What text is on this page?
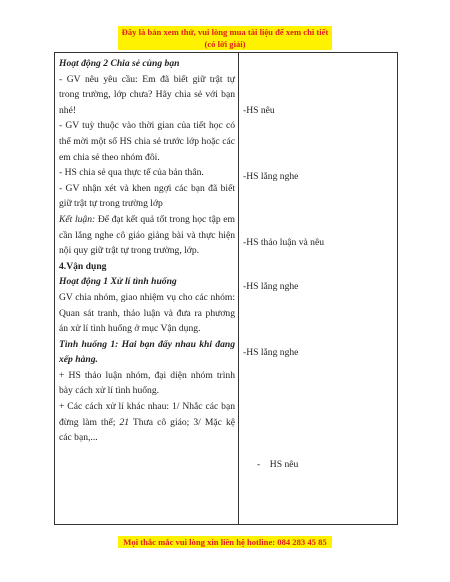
Đây là bản xem thử, vui lòng mua tài liệu để xem chi tiết (có lời giải)

Hoạt động 2 Chia sẻ cùng bạn

- GV nêu yêu cầu: Em đã biết giữ trật tự trong trường, lớp chưa? Hãy chia sẻ với bạn nhé!

- GV tuỳ thuộc vào thời gian của tiết học có thể mời một số HS chia sẻ trước lớp hoặc các em chia sẻ theo nhóm đôi.

- HS chia sẻ qua thực tế của bản thân.

- GV nhận xét và khen ngợi các bạn đã biết giữ trật tự trong trường lớp

Kết luận: Để đạt kết quả tốt trong học tập em cần lắng nghe cô giáo giảng bài và thực hiện nội quy giữ trật tự trong trường, lớp.

4.Vận dụng

Hoạt động 1 Xử lí tình huống

GV chia nhóm, giao nhiệm vụ cho các nhóm: Quan sát tranh, thảo luận và đưa ra phương án xử lí tình huống ở mục Vận dụng.

Tình huống 1: Hai bạn đẩy nhau khi đang xếp hàng.

+ HS thảo luận nhóm, đại diện nhóm trình bày cách xử lí tình huống.

+ Các cách xử lí khác nhau: 1/ Nhắc các bạn đừng làm thế; 21 Thưa cô giáo; 3/ Mặc kệ các bạn,...

-HS nêu
-HS lắng nghe
-HS thảo luận và nêu
-HS lắng nghe
-HS lắng nghe
-    HS nêu
Mọi thắc mắc vui lòng xin liên hệ hotline: 084 283 45 85
